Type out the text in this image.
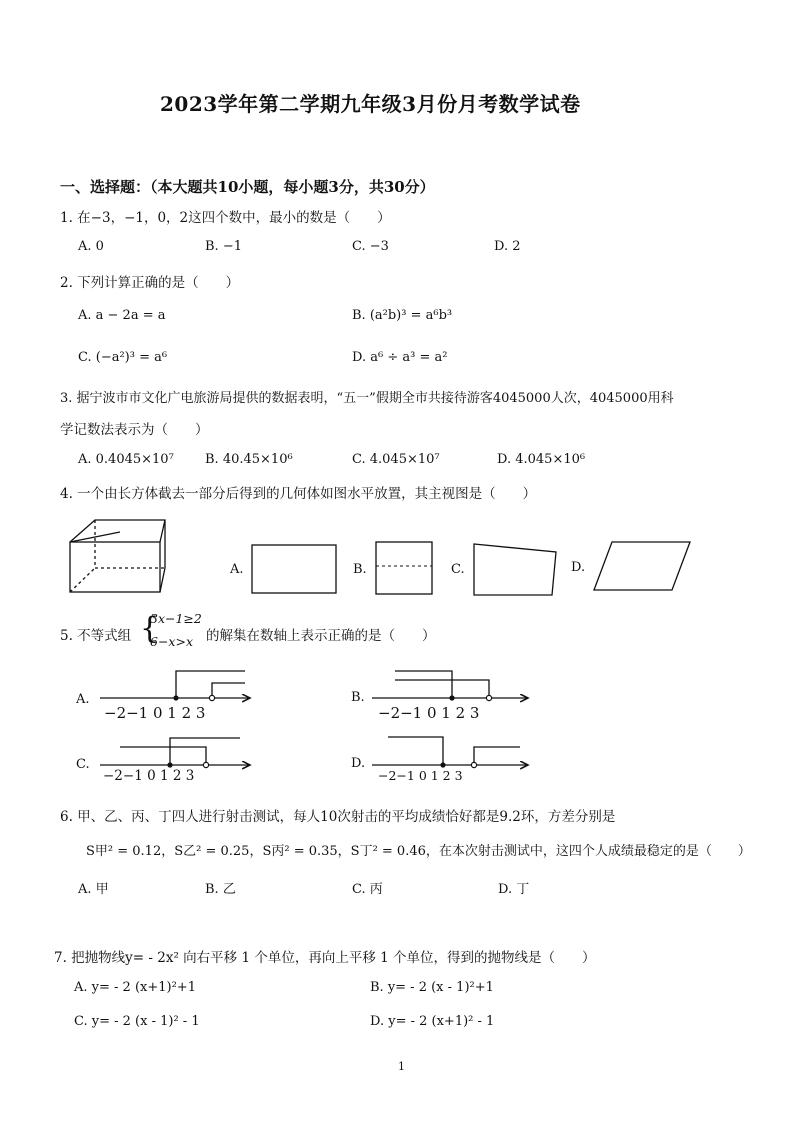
2023学年第二学期九年级3月份月考数学试卷
一、选择题：（本大题共10小题，每小题3分，共30分）
1. 在−3，−1，0，2这四个数中，最小的数是（　　）
A. 0	B. −1	C. −3	D. 2
2. 下列计算正确的是（　　）
A. a − 2a = a	B. (a²b)³ = a⁶b³
C. (−a²)³ = a⁶	D. a⁶ ÷ a³ = a²
3. 据宁波市市文化广电旅游局提供的数据表明，“五一”假期全市共接待游客4045000人次，4045000用科
学记数法表示为（　　）
A. 0.4045×10⁷ B. 40.45×10⁶	C. 4.045×10⁷	D. 4.045×10⁶
4. 一个由长方体截去一部分后得到的几何体如图水平放置，其主视图是（　　）
A.	B.	C.	D.
5. 不等式组 {
3x−1≥2
6−x>x 的解集在数轴上表示正确的是（　　）
A.
−2−1 0 1 2 3
B.
−2−1 0 1 2 3
C.
−2−1 0 1 2 3
D.
−2−1 0 1 2 3
6. 甲、乙、丙、丁四人进行射击测试，每人10次射击的平均成绩恰好都是9.2环，方差分别是
S甲² = 0.12，S乙² = 0.25，S丙² = 0.35，S丁² = 0.46，在本次射击测试中，这四个人成绩最稳定的是（　　）
A. 甲	B. 乙	C. 丙	D. 丁
7. 把抛物线y= - 2x² 向右平移 1 个单位，再向上平移 1 个单位，得到的抛物线是（　　）
A. y= - 2 (x+1)²+1	B. y= - 2 (x - 1)²+1
C. y= - 2 (x - 1)² - 1	D. y= - 2 (x+1)² - 1
1
